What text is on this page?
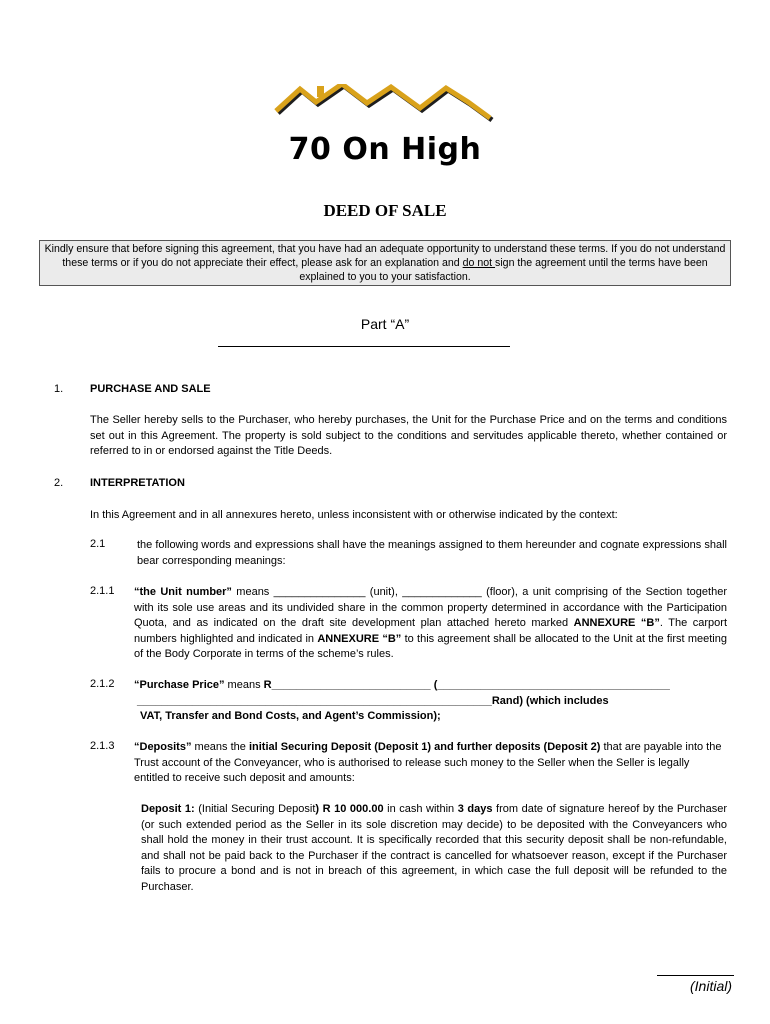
70 On High
DEED OF SALE
Kindly ensure that before signing this agreement, that you have had an adequate opportunity to understand these terms. If you do not understand these terms or if you do not appreciate their effect, please ask for an explanation and do not sign the agreement until the terms have been explained to you to your satisfaction.
Part “A”
1. PURCHASE AND SALE
The Seller hereby sells to the Purchaser, who hereby purchases, the Unit for the Purchase Price and on the terms and conditions set out in this Agreement. The property is sold subject to the conditions and servitudes applicable thereto, whether contained or referred to in or endorsed against the Title Deeds.
2. INTERPRETATION
In this Agreement and in all annexures hereto, unless inconsistent with or otherwise indicated by the context:
2.1	the following words and expressions shall have the meanings assigned to them hereunder and cognate expressions shall bear corresponding meanings:
2.1.1 “the Unit number” means _______________ (unit), _____________ (floor), a unit comprising of the Section together with its sole use areas and its undivided share in the common property determined in accordance with the Participation Quota, and as indicated on the draft site development plan attached hereto marked ANNEXURE “B”. The carport numbers highlighted and indicated in ANNEXURE “B” to this agreement shall be allocated to the Unit at the first meeting of the Body Corporate in terms of the scheme’s rules.
2.1.2 “Purchase Price” means R__________________________ (______________________________________
__________________________________________________________Rand) (which includes
VAT, Transfer and Bond Costs, and Agent’s Commission);
2.1.3 “Deposits” means the initial Securing Deposit (Deposit 1) and further deposits (Deposit 2) that are payable into the Trust account of the Conveyancer, who is authorised to release such money to the Seller when the Seller is legally entitled to receive such deposit and amounts:
Deposit 1: (Initial Securing Deposit) R 10 000.00 in cash within 3 days from date of signature hereof by the Purchaser (or such extended period as the Seller in its sole discretion may decide) to be deposited with the Conveyancers who shall hold the money in their trust account. It is specifically recorded that this security deposit shall be non-refundable, and shall not be paid back to the Purchaser if the contract is cancelled for whatsoever reason, except if the Purchaser fails to procure a bond and is not in breach of this agreement, in which case the full deposit will be refunded to the Purchaser.
(Initial)
